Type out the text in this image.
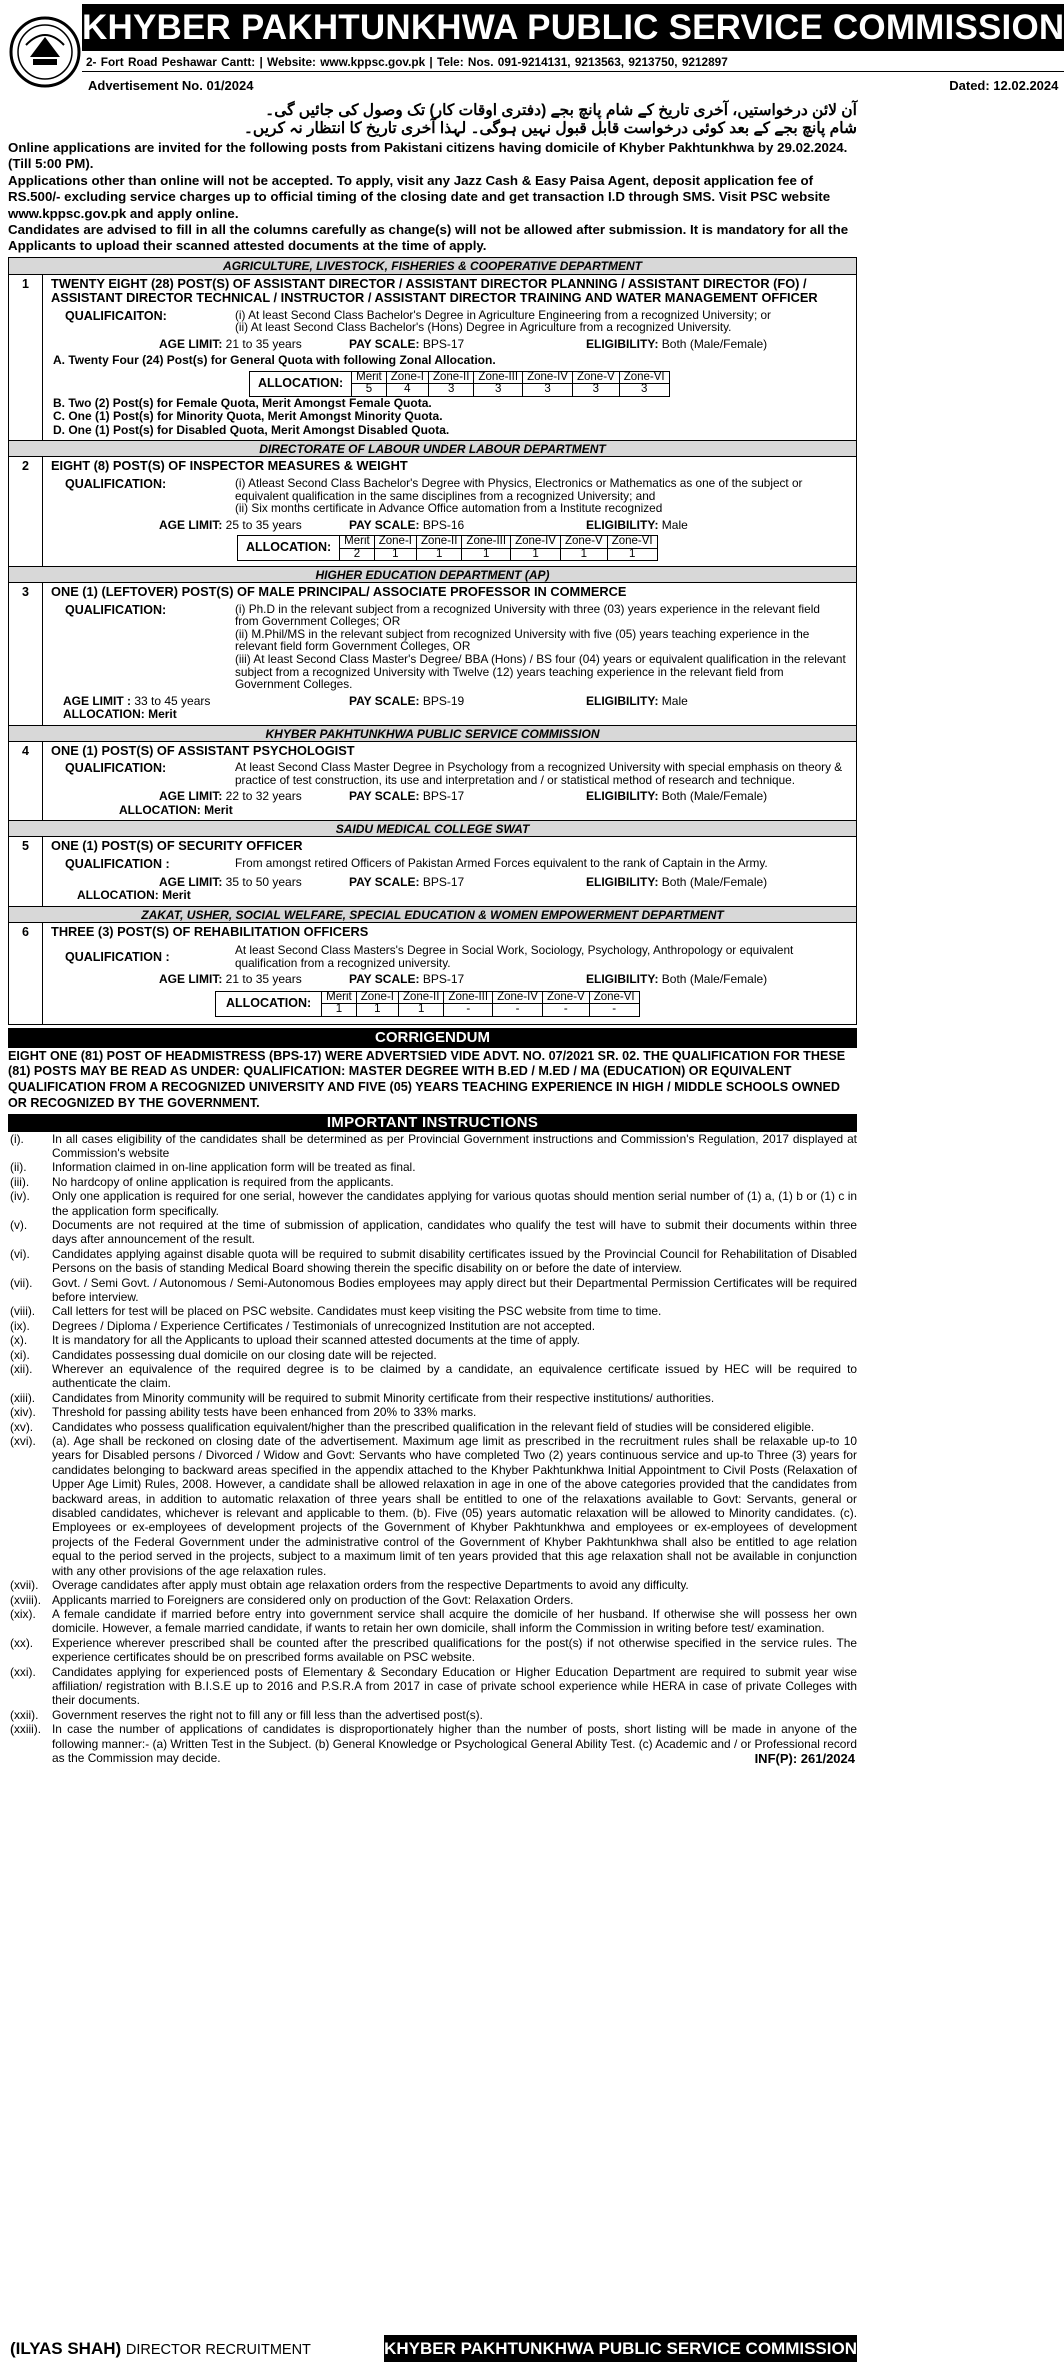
KHYBER PAKHTUNKHWA PUBLIC SERVICE COMMISSION
2- Fort Road Peshawar Cantt: | Website: www.kppsc.gov.pk | Tele: Nos. 091-9214131, 9213563, 9213750, 9212897
Advertisement No. 01/2024	Dated: 12.02.2024
آن لائن درخواستیں، آخری تاریخ کے شام پانچ بجے (دفتری اوقات کار) تک وصول کی جائیں گی۔
شام پانچ بجے کے بعد کوئی درخواست قابل قبول نہیں ہوگی۔ لہذا آخری تاریخ کا انتظار نہ کریں۔
Online applications are invited for the following posts from Pakistani citizens having domicile of Khyber Pakhtunkhwa by 29.02.2024. (Till 5:00 PM).
Applications other than online will not be accepted. To apply, visit any Jazz Cash & Easy Paisa Agent, deposit application fee of RS.500/- excluding service charges up to official timing of the closing date and get transaction I.D through SMS. Visit PSC website www.kppsc.gov.pk and apply online.
Candidates are advised to fill in all the columns carefully as change(s) will not be allowed after submission. It is mandatory for all the Applicants to upload their scanned attested documents at the time of apply.
AGRICULTURE, LIVESTOCK, FISHERIES & COOPERATIVE DEPARTMENT
1	TWENTY EIGHT (28) POST(S) OF ASSISTANT DIRECTOR / ASSISTANT DIRECTOR PLANNING / ASSISTANT DIRECTOR (FO) / ASSISTANT DIRECTOR TECHNICAL / INSTRUCTOR / ASSISTANT DIRECTOR TRAINING AND WATER MANAGEMENT OFFICER
QUALIFICAITON:	(i) At least Second Class Bachelor's Degree in Agriculture Engineering from a recognized University; or
(ii) At least Second Class Bachelor's (Hons) Degree in Agriculture from a recognized University.
AGE LIMIT: 21 to 35 years	PAY SCALE: BPS-17	ELIGIBILITY: Both (Male/Female)
A. Twenty Four (24) Post(s) for General Quota with following Zonal Allocation.
ALLOCATION:	Merit	Zone-I	Zone-II	Zone-III	Zone-IV	Zone-V	Zone-VI
	5	4	3	3	3	3	3
B. Two (2) Post(s) for Female Quota, Merit Amongst Female Quota.
C. One (1) Post(s) for Minority Quota, Merit Amongst Minority Quota.
D. One (1) Post(s) for Disabled Quota, Merit Amongst Disabled Quota.
DIRECTORATE OF LABOUR UNDER LABOUR DEPARTMENT
2	EIGHT (8) POST(S) OF INSPECTOR MEASURES & WEIGHT
QUALIFICATION:	(i) Atleast Second Class Bachelor's Degree with Physics, Electronics or Mathematics as one of the subject or equivalent qualification in the same disciplines from a recognized University; and
(ii) Six months certificate in Advance Office automation from a Institute recognized
AGE LIMIT: 25 to 35 years	PAY SCALE: BPS-16	ELIGIBILITY: Male
ALLOCATION:	Merit	Zone-I	Zone-II	Zone-III	Zone-IV	Zone-V	Zone-VI
	2	1	1	1	1	1	1
HIGHER EDUCATION DEPARTMENT (AP)
3	ONE (1) (LEFTOVER) POST(S) OF MALE PRINCIPAL/ ASSOCIATE PROFESSOR IN COMMERCE
QUALIFICATION:	(i) Ph.D in the relevant subject from a recognized University with three (03) years experience in the relevant field from Government Colleges; OR
(ii) M.Phil/MS in the relevant subject from recognized University with five (05) years teaching experience in the relevant field form Government Colleges, OR
(iii) At least Second Class Master's Degree/ BBA (Hons) / BS four (04) years or equivalent qualification in the relevant subject from a recognized University with Twelve (12) years teaching experience in the relevant field from Government Colleges.
AGE LIMIT : 33 to 45 years	PAY SCALE: BPS-19	ELIGIBILITY: Male
ALLOCATION: Merit
KHYBER PAKHTUNKHWA PUBLIC SERVICE COMMISSION
4	ONE (1) POST(S) OF ASSISTANT PSYCHOLOGIST
QUALIFICATION:	At least Second Class Master Degree in Psychology from a recognized University with special emphasis on theory & practice of test construction, its use and interpretation and / or statistical method of research and technique.
AGE LIMIT: 22 to 32 years	PAY SCALE: BPS-17	ELIGIBILITY: Both (Male/Female)
ALLOCATION: Merit
SAIDU MEDICAL COLLEGE SWAT
5	ONE (1) POST(S) OF SECURITY OFFICER
QUALIFICATION :	From amongst retired Officers of Pakistan Armed Forces equivalent to the rank of Captain in the Army.
AGE LIMIT: 35 to 50 years	PAY SCALE: BPS-17	ELIGIBILITY: Both (Male/Female)
ALLOCATION: Merit
ZAKAT, USHER, SOCIAL WELFARE, SPECIAL EDUCATION & WOMEN EMPOWERMENT DEPARTMENT
6	THREE (3) POST(S) OF REHABILITATION OFFICERS
QUALIFICATION :	At least Second Class Masters's Degree in Social Work, Sociology, Psychology, Anthropology or equivalent qualification from a recognized university.
AGE LIMIT: 21 to 35 years	PAY SCALE: BPS-17	ELIGIBILITY: Both (Male/Female)
ALLOCATION:	Merit	Zone-I	Zone-II	Zone-III	Zone-IV	Zone-V	Zone-VI
	1	1	1	-	-	-	-
CORRIGENDUM
EIGHT ONE (81) POST OF HEADMISTRESS (BPS-17) WERE ADVERTSIED VIDE ADVT. NO. 07/2021 SR. 02. THE QUALIFICATION FOR THESE (81) POSTS MAY BE READ AS UNDER: QUALIFICATION: MASTER DEGREE WITH B.ED / M.ED / MA (EDUCATION) OR EQUIVALENT QUALIFICATION FROM A RECOGNIZED UNIVERSITY AND FIVE (05) YEARS TEACHING EXPERIENCE IN HIGH / MIDDLE SCHOOLS OWNED OR RECOGNIZED BY THE GOVERNMENT.
IMPORTANT INSTRUCTIONS
(i).	In all cases eligibility of the candidates shall be determined as per Provincial Government instructions and Commission's Regulation, 2017 displayed at Commission's website
(ii).	Information claimed in on-line application form will be treated as final.
(iii).	No hardcopy of online application is required from the applicants.
(iv).	Only one application is required for one serial, however the candidates applying for various quotas should mention serial number of (1) a, (1) b or (1) c in the application form specifically.
(v).	Documents are not required at the time of submission of application, candidates who qualify the test will have to submit their documents within three days after announcement of the result.
(vi).	Candidates applying against disable quota will be required to submit disability certificates issued by the Provincial Council for Rehabilitation of Disabled Persons on the basis of standing Medical Board showing therein the specific disability on or before the date of interview.
(vii).	Govt. / Semi Govt. / Autonomous / Semi-Autonomous Bodies employees may apply direct but their Departmental Permission Certificates will be required before interview.
(viii).	Call letters for test will be placed on PSC website. Candidates must keep visiting the PSC website from time to time.
(ix).	Degrees / Diploma / Experience Certificates / Testimonials of unrecognized Institution are not accepted.
(x).	It is mandatory for all the Applicants to upload their scanned attested documents at the time of apply.
(xi).	Candidates possessing dual domicile on our closing date will be rejected.
(xii).	Wherever an equivalence of the required degree is to be claimed by a candidate, an equivalence certificate issued by HEC will be required to authenticate the claim.
(xiii).	Candidates from Minority community will be required to submit Minority certificate from their respective institutions/ authorities.
(xiv).	Threshold for passing ability tests have been enhanced from 20% to 33% marks.
(xv).	Candidates who possess qualification equivalent/higher than the prescribed qualification in the relevant field of studies will be considered eligible.
(xvi).	(a). Age shall be reckoned on closing date of the advertisement. Maximum age limit as prescribed in the recruitment rules shall be relaxable up-to 10 years for Disabled persons / Divorced / Widow and Govt: Servants who have completed Two (2) years continuous service and up-to Three (3) years for candidates belonging to backward areas specified in the appendix attached to the Khyber Pakhtunkhwa Initial Appointment to Civil Posts (Relaxation of Upper Age Limit) Rules, 2008. However, a candidate shall be allowed relaxation in age in one of the above categories provided that the candidates from backward areas, in addition to automatic relaxation of three years shall be entitled to one of the relaxations available to Govt: Servants, general or disabled candidates, whichever is relevant and applicable to them. (b). Five (05) years automatic relaxation will be allowed to Minority candidates. (c). Employees or ex-employees of development projects of the Government of Khyber Pakhtunkhwa and employees or ex-employees of development projects of the Federal Government under the administrative control of the Government of Khyber Pakhtunkhwa shall also be entitled to age relation equal to the period served in the projects, subject to a maximum limit of ten years provided that this age relaxation shall not be available in conjunction with any other provisions of the age relaxation rules.
(xvii).	Overage candidates after apply must obtain age relaxation orders from the respective Departments to avoid any difficulty.
(xviii). Applicants married to Foreigners are considered only on production of the Govt: Relaxation Orders.
(xix).	A female candidate if married before entry into government service shall acquire the domicile of her husband. If otherwise she will possess her own domicile. However, a female married candidate, if wants to retain her own domicile, shall inform the Commission in writing before test/ examination.
(xx).	Experience wherever prescribed shall be counted after the prescribed qualifications for the post(s) if not otherwise specified in the service rules. The experience certificates should be on prescribed forms available on PSC website.
(xxi).	Candidates applying for experienced posts of Elementary & Secondary Education or Higher Education Department are required to submit year wise affiliation/ registration with B.I.S.E up to 2016 and P.S.R.A from 2017 in case of private school experience while HERA in case of private Colleges with their documents.
(xxii).	Government reserves the right not to fill any or fill less than the advertised post(s).
(xxiii). In case the number of applications of candidates is disproportionately higher than the number of posts, short listing will be made in anyone of the following manner:- (a) Written Test in the Subject. (b) General Knowledge or Psychological General Ability Test. (c) Academic and / or Professional record as the Commission may decide.	INF(P): 261/2024
(ILYAS SHAH) DIRECTOR RECRUITMENT	KHYBER PAKHTUNKHWA PUBLIC SERVICE COMMISSION
